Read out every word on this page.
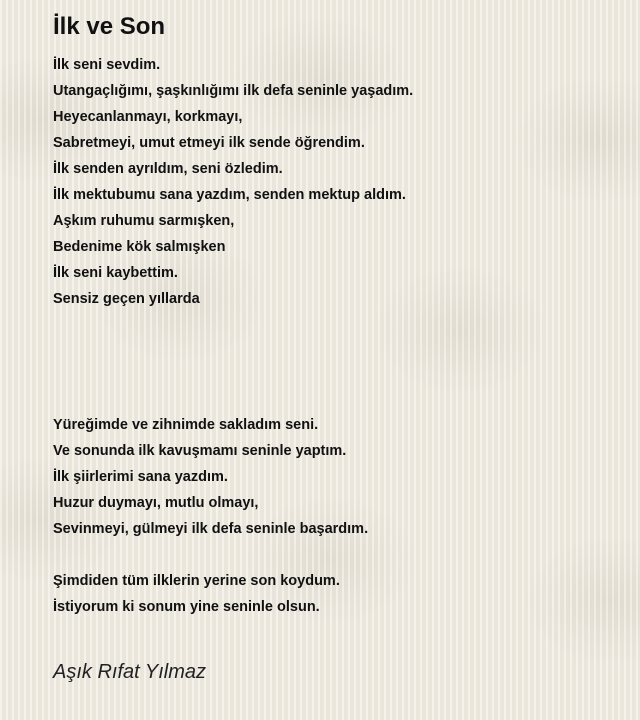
İlk ve Son
İlk seni sevdim.
Utangaçlığımı, şaşkınlığımı ilk defa seninle yaşadım.
Heyecanlanmayı, korkmayı,
Sabretmeyi, umut etmeyi ilk sende öğrendim.
İlk senden ayrıldım, seni özledim.
İlk mektubumu sana yazdım, senden mektup aldım.
Aşkım ruhumu sarmışken,
Bedenime kök salmışken
İlk seni kaybettim.
Sensiz geçen yıllarda
Yüreğimde ve zihnimde sakladım seni.
Ve sonunda ilk kavuşmamı seninle yaptım.
İlk şiirlerimi sana yazdım.
Huzur duymayı, mutlu olmayı,
Sevinmeyi, gülmeyi ilk defa seninle başardım.
Şimdiden tüm ilklerin yerine son koydum.
İstiyorum ki sonum yine seninle olsun.
Aşık Rıfat Yılmaz
